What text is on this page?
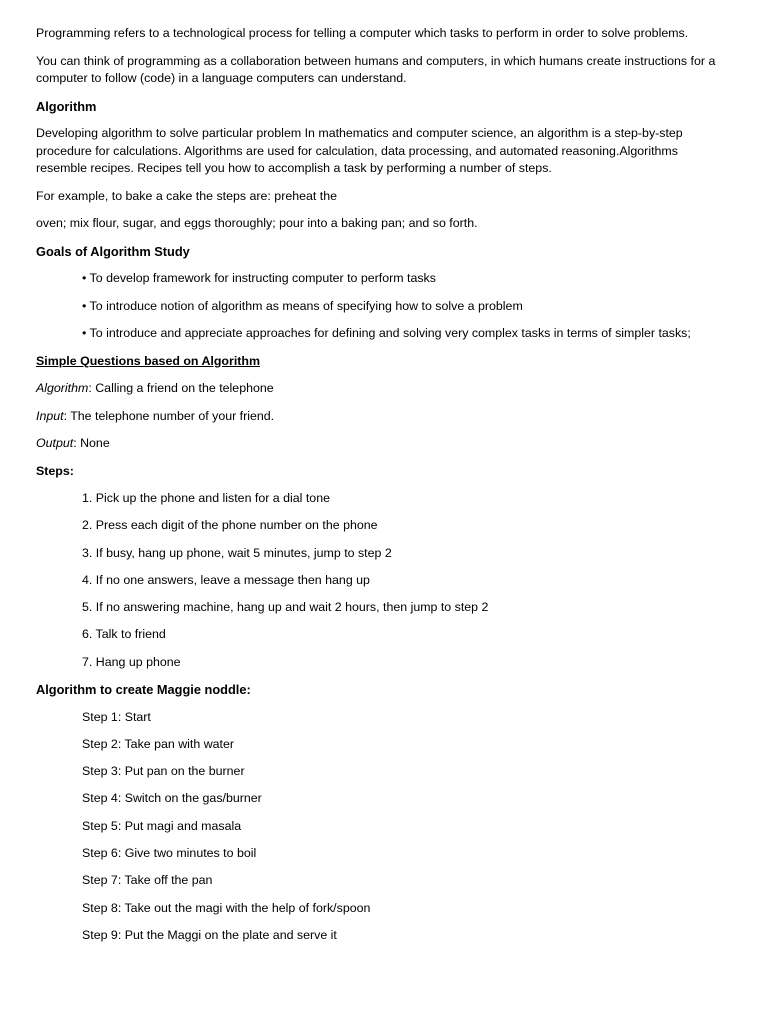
Programming refers to a technological process for telling a computer which tasks to perform in order to solve problems.

You can think of programming as a collaboration between humans and computers, in which humans create instructions for a computer to follow (code) in a language computers can understand.

Algorithm

Developing algorithm to solve particular problem In mathematics and computer science, an algorithm is a step-by-step procedure for calculations. Algorithms are used for calculation, data processing, and automated reasoning.Algorithms resemble recipes. Recipes tell you how to accomplish a task by performing a number of steps.

For example, to bake a cake the steps are: preheat the

oven; mix flour, sugar, and eggs thoroughly; pour into a baking pan; and so forth.

Goals of Algorithm Study

• To develop framework for instructing computer to perform tasks

• To introduce notion of algorithm as means of specifying how to solve a problem

• To introduce and appreciate approaches for defining and solving very complex tasks in terms of simpler tasks;

Simple Questions based on Algorithm

Algorithm: Calling a friend on the telephone

Input: The telephone number of your friend.

Output: None

Steps:

1. Pick up the phone and listen for a dial tone

2. Press each digit of the phone number on the phone

3. If busy, hang up phone, wait 5 minutes, jump to step 2

4. If no one answers, leave a message then hang up

5. If no answering machine, hang up and wait 2 hours, then jump to step 2

6. Talk to friend

7. Hang up phone

Algorithm to create Maggie noddle:

Step 1: Start

Step 2: Take pan with water

Step 3: Put pan on the burner

Step 4: Switch on the gas/burner

Step 5: Put magi and masala

Step 6: Give two minutes to boil

Step 7: Take off the pan

Step 8: Take out the magi with the help of fork/spoon

Step 9: Put the Maggi on the plate and serve it
